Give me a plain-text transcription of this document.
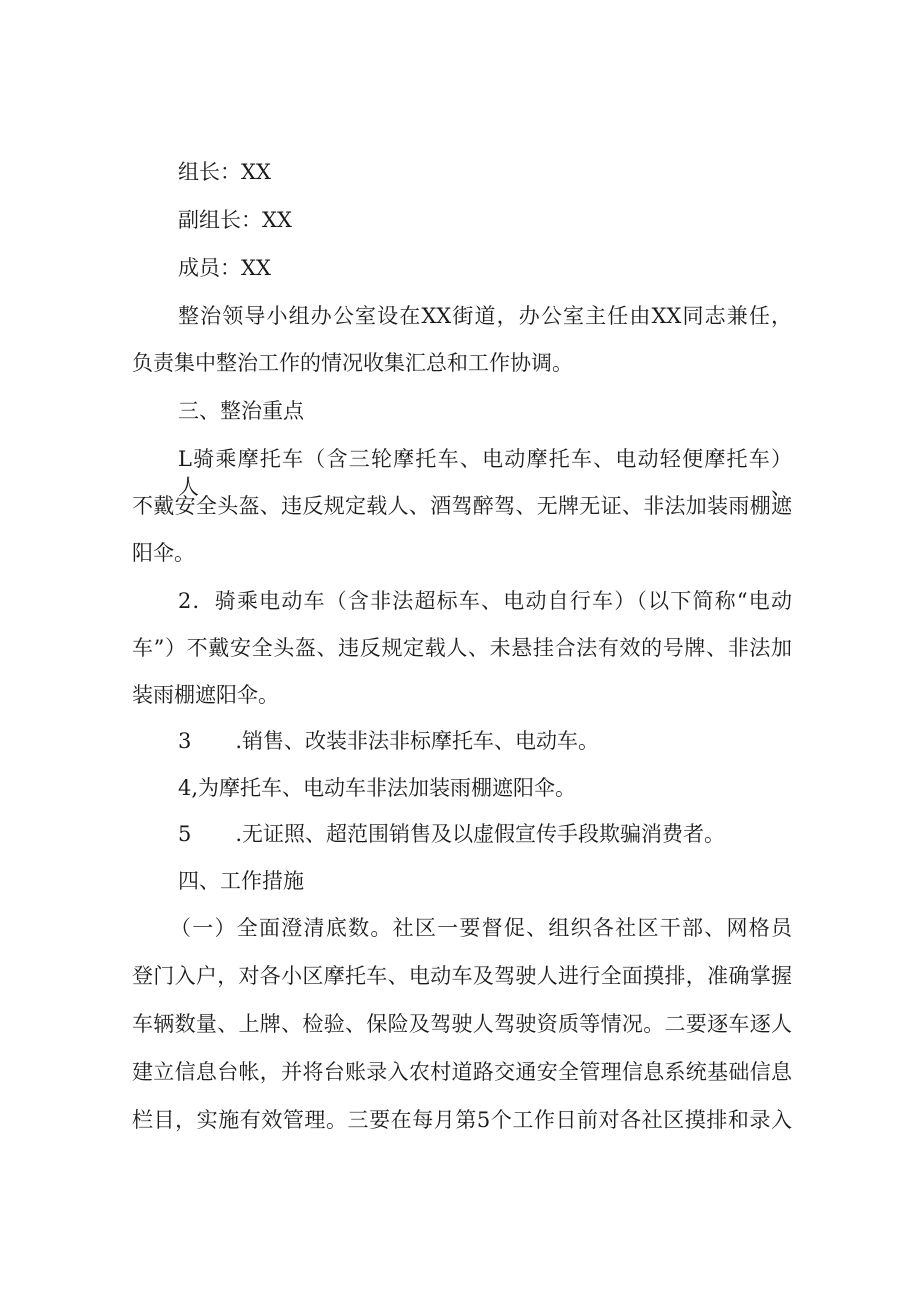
组长：XX
副组长：XX
成员：XX
整治领导小组办公室设在XX街道，办公室主任由XX同志兼任，
负责集中整治工作的情况收集汇总和工作协调。
三、整治重点
L骑乘摩托车（含三轮摩托车、电动摩托车、电动轻便摩托车）人、
不戴安全头盔、违反规定载人、酒驾醉驾、无牌无证、非法加装雨棚遮
阳伞。
2．骑乘电动车（含非法超标车、电动自行车）（以下简称“电动
车”）不戴安全头盔、违反规定载人、未悬挂合法有效的号牌、非法加
装雨棚遮阳伞。
3 .销售、改装非法非标摩托车、电动车。
4,为摩托车、电动车非法加装雨棚遮阳伞。
5 .无证照、超范围销售及以虚假宣传手段欺骗消费者。
四、工作措施
（一）全面澄清底数。社区一要督促、组织各社区干部、网格员
登门入户，对各小区摩托车、电动车及驾驶人进行全面摸排，准确掌握
车辆数量、上牌、检验、保险及驾驶人驾驶资质等情况。二要逐车逐人
建立信息台帐，并将台账录入农村道路交通安全管理信息系统基础信息
栏目，实施有效管理。三要在每月第5个工作日前对各社区摸排和录入
